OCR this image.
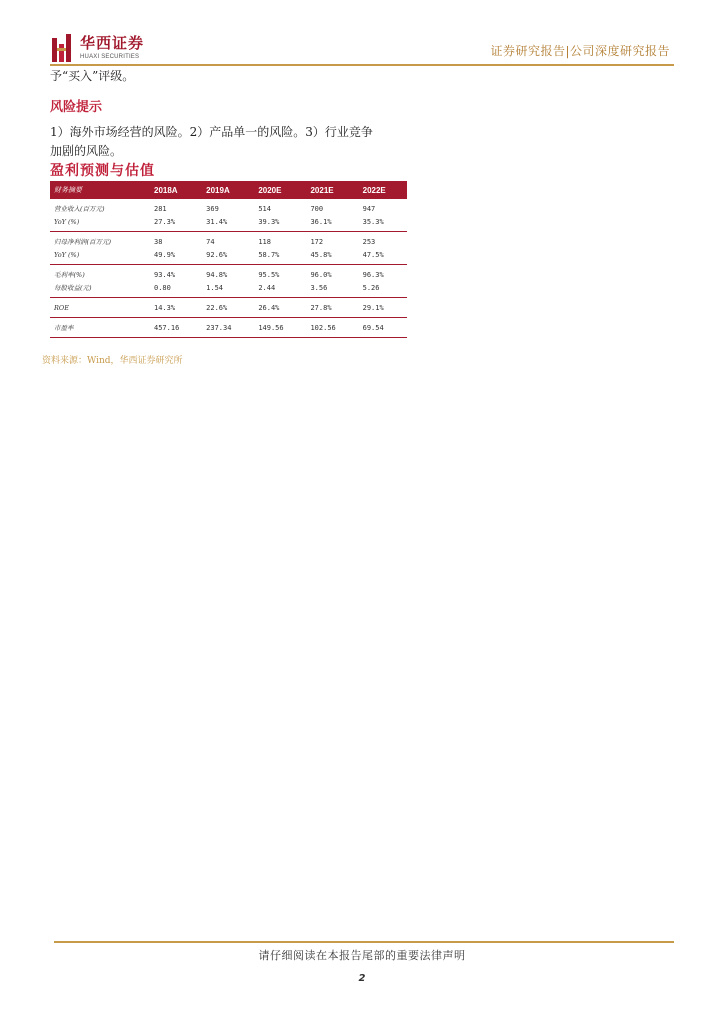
华西证券
HUAXI SECURITIES	证券研究报告|公司深度研究报告
予“买入”评级。
风险提示
1）海外市场经营的风险。2）产品单一的风险。3）行业竞争
加剧的风险。
盈利预测与估值
财务摘要	2018A	2019A	2020E	2021E	2022E
营业收入(百万元)	281	369	514	700	947
YoY (%)	27.3%	31.4%	39.3%	36.1%	35.3%
归母净利润(百万元)	38	74	118	172	253
YoY (%)	49.9%	92.6%	58.7%	45.8%	47.5%
毛利率(%)	93.4%	94.8%	95.5%	96.0%	96.3%
每股收益(元)	0.80	1.54	2.44	3.56	5.26
ROE	14.3%	22.6%	26.4%	27.8%	29.1%
市盈率	457.16	237.34	149.56	102.56	69.54
资料来源：Wind，华西证券研究所
请仔细阅读在本报告尾部的重要法律声明
2
